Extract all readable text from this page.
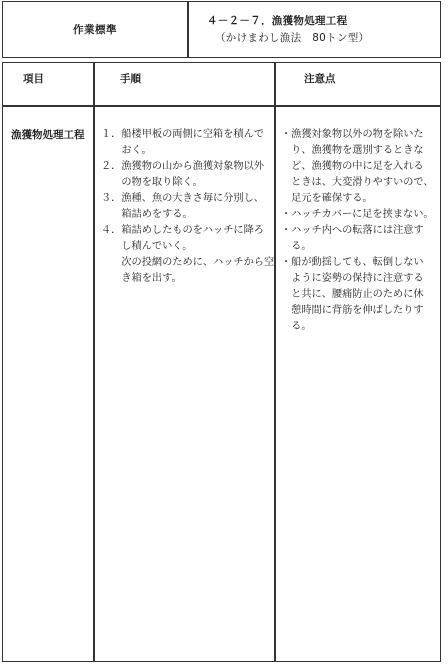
作業標準
４－２－７．漁獲物処理工程
（かけまわし漁法　80トン型）
項目	手順	注意点
漁獲物処理工程 １．船楼甲板の両側に空箱を積んで
　　おく。
２．漁獲物の山から漁獲対象物以外
　　の物を取り除く。
３．漁種、魚の大きさ毎に分別し、
　　箱詰めをする。
４．箱詰めしたものをハッチに降ろ
　　し積んでいく。
　　次の投網のために、ハッチから空
　　き箱を出す。
・漁獲対象物以外の物を除いた
　り、漁獲物を選別するときな
　ど、漁獲物の中に足を入れる
　ときは、大変滑りやすいので、
　足元を確保する。
・ハッチカバーに足を挟まない。
・ハッチ内への転落には注意す
　る。
・船が動揺しても、転倒しない
　ように姿勢の保持に注意する
　と共に、腰痛防止のために休
　憩時間に背筋を伸ばしたりす
　る。
